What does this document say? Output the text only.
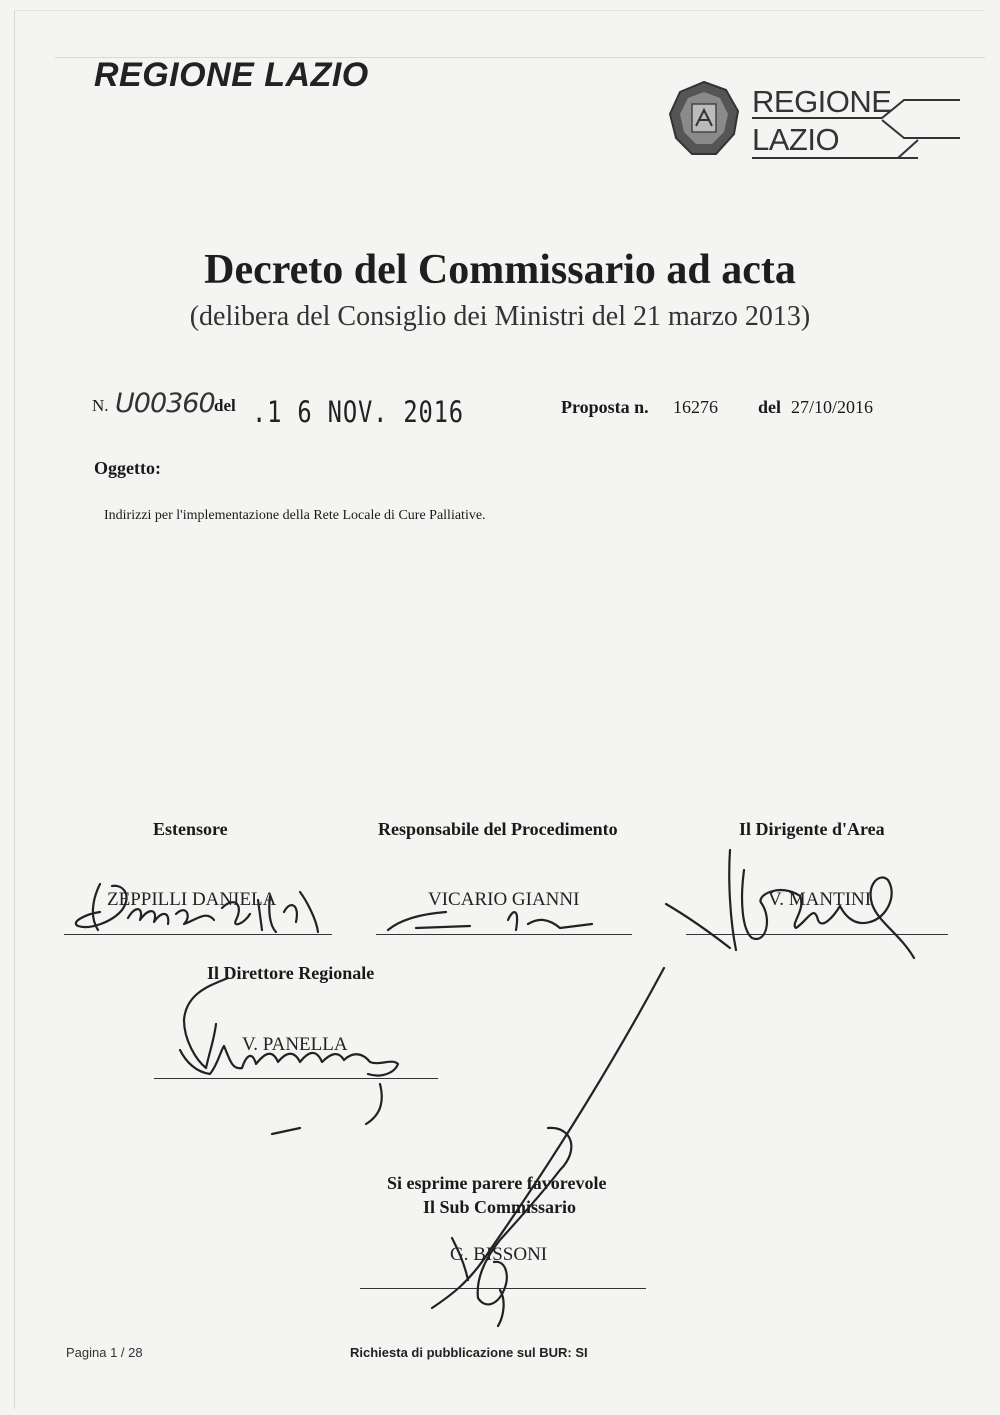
REGIONE LAZIO
REGIONE
LAZIO
Decreto del Commissario ad acta
(delibera del Consiglio dei Ministri del 21 marzo 2013)
N. U00360 del .1 6 NOV. 2016	Proposta n. 16276 del 27/10/2016
Oggetto:
Indirizzi per l'implementazione della Rete Locale di Cure Palliative.
Estensore	Responsabile del Procedimento	Il Dirigente d'Area
ZEPPILLI DANIELA	VICARIO GIANNI	V. MANTINI
Il Direttore Regionale
V. PANELLA
Si esprime parere favorevole
Il Sub Commissario
G. BISSONI
Pagina 1 / 28	Richiesta di pubblicazione sul BUR: SI
